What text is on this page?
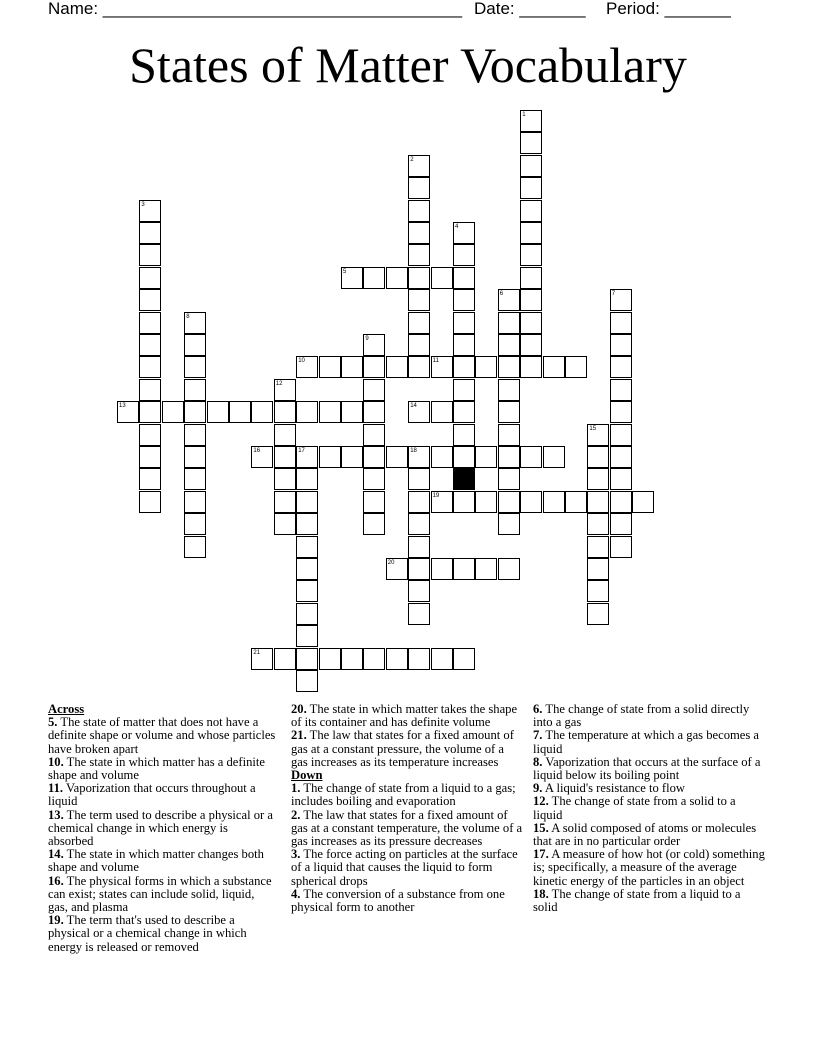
Name: ______________________________________ Date: _______ Period: _______
States of Matter Vocabulary
1
2
3
4
5
6	7
8
9
10	11
12
13	14
15
16	17	18
19
20
21
Across
5. The state of matter that does not have a definite shape or volume and whose particles have broken apart
10. The state in which matter has a definite shape and volume
11. Vaporization that occurs throughout a liquid
13. The term used to describe a physical or a chemical change in which energy is absorbed
14. The state in which matter changes both shape and volume
16. The physical forms in which a substance can exist; states can include solid, liquid, gas, and plasma
19. The term that's used to describe a physical or a chemical change in which energy is released or removed
20. The state in which matter takes the shape of its container and has definite volume
21. The law that states for a fixed amount of gas at a constant pressure, the volume of a gas increases as its temperature increases
Down
1. The change of state from a liquid to a gas; includes boiling and evaporation
2. The law that states for a fixed amount of gas at a constant temperature, the volume of a gas increases as its pressure decreases
3. The force acting on particles at the surface of a liquid that causes the liquid to form spherical drops
4. The conversion of a substance from one physical form to another
6. The change of state from a solid directly into a gas
7. The temperature at which a gas becomes a liquid
8. Vaporization that occurs at the surface of a liquid below its boiling point
9. A liquid's resistance to flow
12. The change of state from a solid to a liquid
15. A solid composed of atoms or molecules that are in no particular order
17. A measure of how hot (or cold) something is; specifically, a measure of the average kinetic energy of the particles in an object
18. The change of state from a liquid to a solid
